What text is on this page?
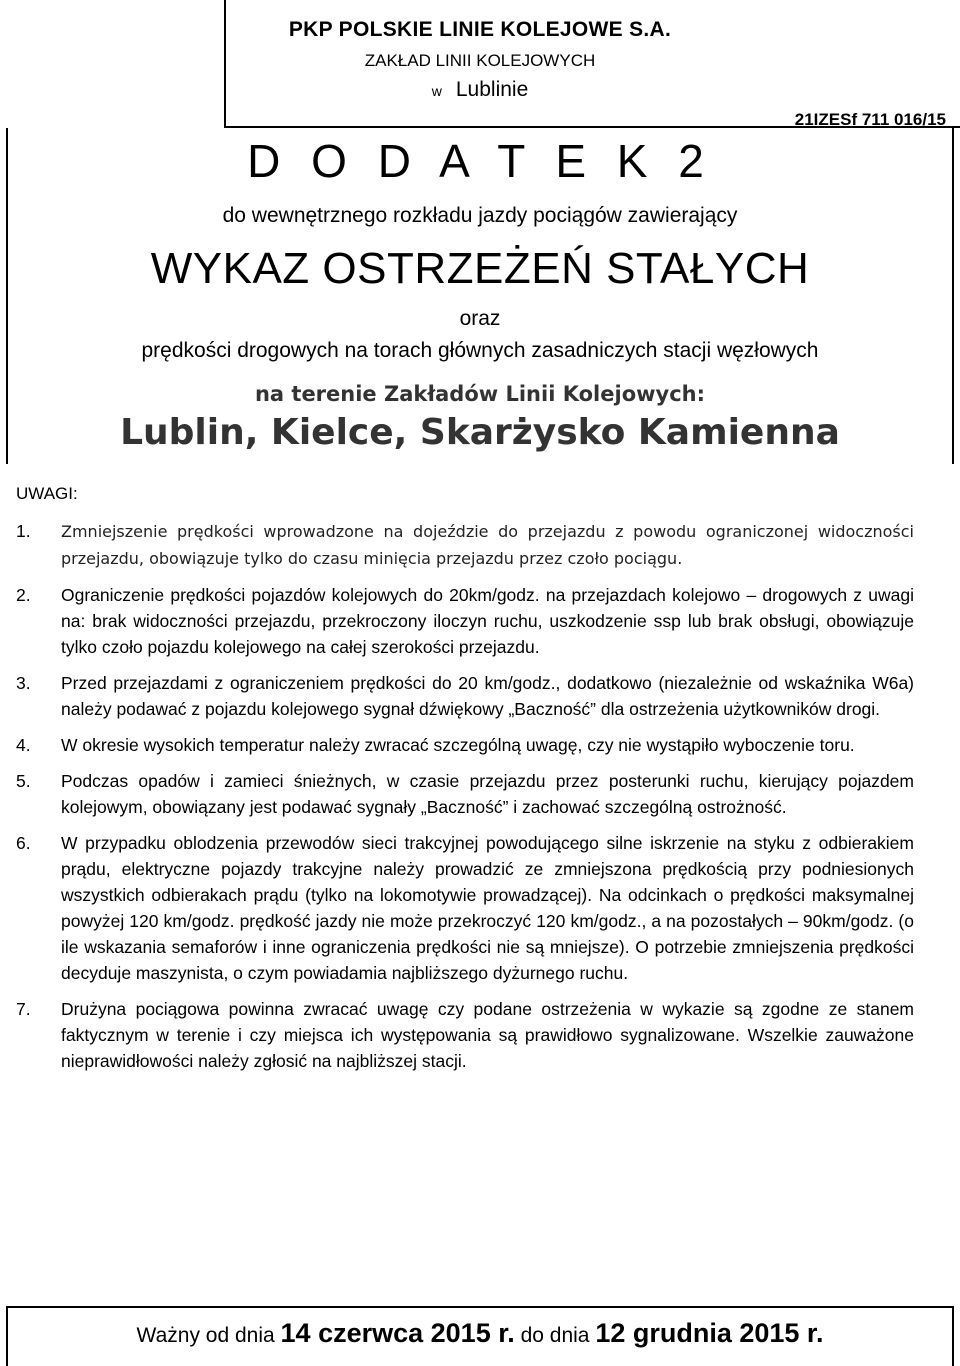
PKP POLSKIE LINIE KOLEJOWE S.A.
ZAKŁAD LINII KOLEJOWYCH
w Lublinie
21IZESf 711 016/15
D O D A T E K 2
do wewnętrznego rozkładu jazdy pociągów zawierający
WYKAZ OSTRZEŻEŃ STAŁYCH
oraz
prędkości drogowych na torach głównych zasadniczych stacji węzłowych
na terenie Zakładów Linii Kolejowych:
Lublin, Kielce, Skarżysko Kamienna
UWAGI:
1. Zmniejszenie prędkości wprowadzone na dojeździe do przejazdu z powodu ograniczonej widoczności przejazdu, obowiązuje tylko do czasu minięcia przejazdu przez czoło pociągu.
2. Ograniczenie prędkości pojazdów kolejowych do 20km/godz. na przejazdach kolejowo – drogowych z uwagi na: brak widoczności przejazdu, przekroczony iloczyn ruchu, uszkodzenie ssp lub brak obsługi, obowiązuje tylko czoło pojazdu kolejowego na całej szerokości przejazdu.
3. Przed przejazdami z ograniczeniem prędkości do 20 km/godz., dodatkowo (niezależnie od wskaźnika W6a) należy podawać z pojazdu kolejowego sygnał dźwiękowy „Baczność” dla ostrzeżenia użytkowników drogi.
4. W okresie wysokich temperatur należy zwracać szczególną uwagę, czy nie wystąpiło wyboczenie toru.
5. Podczas opadów i zamieci śnieżnych, w czasie przejazdu przez posterunki ruchu, kierujący pojazdem kolejowym, obowiązany jest podawać sygnały „Baczność” i zachować szczególną ostrożność.
6. W przypadku oblodzenia przewodów sieci trakcyjnej powodującego silne iskrzenie na styku z odbierakiem prądu, elektryczne pojazdy trakcyjne należy prowadzić ze zmniejszona prędkością przy podniesionych wszystkich odbierakach prądu (tylko na lokomotywie prowadzącej). Na odcinkach o prędkości maksymalnej powyżej 120 km/godz. prędkość jazdy nie może przekroczyć 120 km/godz., a na pozostałych – 90km/godz. (o ile wskazania semaforów i inne ograniczenia prędkości nie są mniejsze). O potrzebie zmniejszenia prędkości decyduje maszynista, o czym powiadamia najbliższego dyżurnego ruchu.
7. Drużyna pociągowa powinna zwracać uwagę czy podane ostrzeżenia w wykazie są zgodne ze stanem faktycznym w terenie i czy miejsca ich występowania są prawidłowo sygnalizowane. Wszelkie zauważone nieprawidłowości należy zgłosić na najbliższej stacji.
Ważny od dnia 14 czerwca 2015 r. do dnia 12 grudnia 2015 r.
